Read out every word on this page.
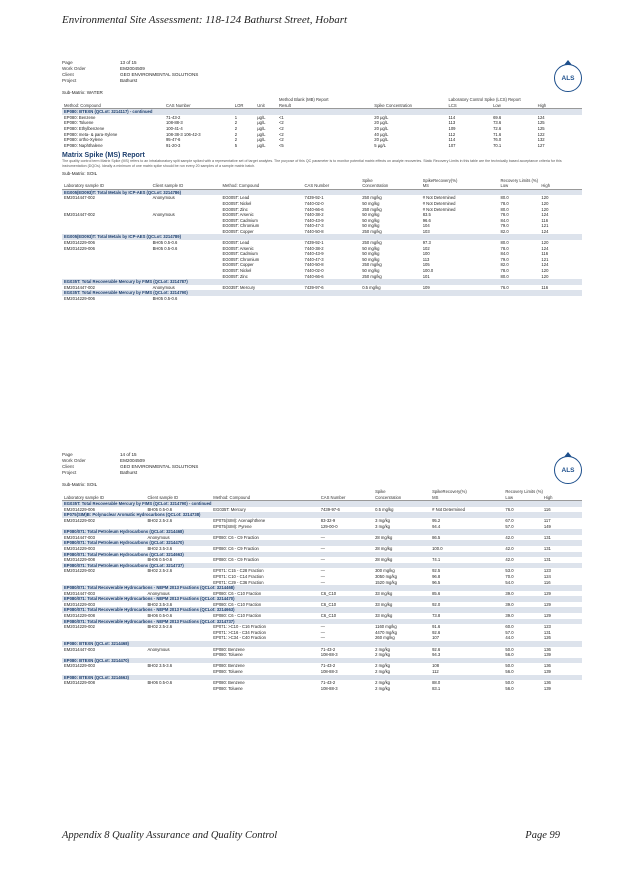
Environmental Site Assessment: 118-124 Bathurst Street, Hobart
Page	13 of 15
Work Order	EM2004509
Client	GEO ENVIRONMENTAL SOLUTIONS
Project	Bathurst	ALS
Sub-Matrix: WATER
				Method Blank (MB) Report		Laboratory Control Spike (LCS) Report		
Method: Compound	CAS Number	LOR	Unit	Result	Spike Concentration	LCS	Low	High
EP080: BTEXN (QCLot: 3214117) - continued								
EP080: Benzene	71-43-2	1	µg/L	<1	20 µg/L	114	69.6	124
EP080: Toluene	108-88-3	2	µg/L	<2	20 µg/L	113	73.6	125
EP080: Ethylbenzene	100-41-4	2	µg/L	<2	20 µg/L	109	72.6	125
EP080: meta- & para-Xylene	108-38-3 106-42-3	2	µg/L	<2	40 µg/L	112	71.6	122
EP080: ortho-Xylene	95-47-6	2	µg/L	<2	20 µg/L	114	76.0	132
EP080: Naphthalene	91-20-3	5	µg/L	<5	5 µg/L	107	70.1	127
Matrix Spike (MS) Report
The quality control term Matrix Spike (MS) refers to an intralaboratory split sample spiked with a representative set of target analytes. The purpose of this QC parameter is to monitor potential matrix effects on analyte recoveries. Static Recovery Limits in this table are the technically based acceptance criteria for this instrumentation (DQOs). Ideally a minimum of one matrix spike should be run every 20 samples of a sample matrix batch.
Sub-Matrix: SOIL
				Spike	SpikeRecovery(%)	Recovery Limits (%)	
Laboratory sample ID	Client sample ID	Method: Compound	CAS Number	Concentration	MS	Low	High
EG005(ED093)T: Total Metals by ICP-AES (QCLot: 3214786)							
EM2014447-002	Anonymous	EG005T: Lead	7439-92-1	250 mg/kg	# Not Determined	80.0	120
		EG005T: Nickel	7440-02-0	50 mg/kg	# Not Determined	78.0	120
		EG005T: Zinc	7440-66-6	250 mg/kg	# Not Determined	80.0	120
EM2014447-002	Anonymous	EG005T: Arsenic	7440-38-2	50 mg/kg	83.5	78.0	124
		EG005T: Cadmium	7440-43-9	50 mg/kg	96.6	84.0	116
		EG005T: Chromium	7440-47-3	50 mg/kg	104	79.0	121
		EG005T: Copper	7440-50-8	250 mg/kg	103	82.0	124
EG005(ED093)T: Total Metals by ICP-AES (QCLot: 3214789)							
EM2014229-006	BH05 0.5-0.6	EG005T: Lead	7439-92-1	250 mg/kg	97.3	80.0	120
EM2014229-006	BH05 0.5-0.6	EG005T: Arsenic	7440-38-2	50 mg/kg	102	78.0	124
		EG005T: Cadmium	7440-43-9	50 mg/kg	100	84.0	116
		EG005T: Chromium	7440-47-3	50 mg/kg	113	79.0	121
		EG005T: Copper	7440-50-8	250 mg/kg	105	82.0	124
		EG005T: Nickel	7440-02-0	50 mg/kg	100.0	78.0	120
		EG005T: Zinc	7440-66-6	250 mg/kg	101	80.0	120
EG035T: Total Recoverable Mercury by FIMS (QCLot: 3214787)							
EM2014447-002	Anonymous	EG035T: Mercury	7439-97-6	0.5 mg/kg	109	76.0	116
EG035T: Total Recoverable Mercury by FIMS (QCLot: 3214790)							
EM2014229-006	BH05 0.5-0.6						
Page	14 of 15
Work Order	EM2004509
Client	GEO ENVIRONMENTAL SOLUTIONS
Project	Bathurst	ALS
Sub-Matrix: SOIL
				Spike	SpikeRecovery(%)	Recovery Limits (%)	
Laboratory sample ID	Client sample ID	Method: Compound	CAS Number	Concentration	MS	Low	High
EG035T: Total Recoverable Mercury by FIMS (QCLot: 3214790) - continued							
EM2014229-006	BH05 0.5-0.6	EG035T: Mercury	7439-97-6	0.5 mg/kg	# Not Determined	76.0	116
EP075(SIM)B: Polynuclear Aromatic Hydrocarbons (QCLot: 3214738)							
EM2014229-002	BH02 2.5-2.6	EP075(SIM): Acenaphthene	83-32-9	3 mg/kg	95.2	67.0	117
		EP075(SIM): Pyrene	129-00-0	3 mg/kg	94.4	57.0	149
EP080/071: Total Petroleum Hydrocarbons (QCLot: 3214468)							
EM2014447-003	Anonymous	EP080: C6 - C9 Fraction	—	28 mg/kg	86.5	42.0	131
EP080/071: Total Petroleum Hydrocarbons (QCLot: 3214470)							
EM2014229-003	BH02 3.5-3.6	EP080: C6 - C9 Fraction	—	28 mg/kg	100.0	42.0	131
EP080/071: Total Petroleum Hydrocarbons (QCLot: 3214663)							
EM2014229-008	BH06 0.5-0.6	EP080: C6 - C9 Fraction	—	28 mg/kg	74.1	42.0	131
EP080/071: Total Petroleum Hydrocarbons (QCLot: 3214737)							
EM2014229-002	BH02 2.5-2.6	EP071: C15 - C28 Fraction	—	300 mg/kg	92.5	53.0	123
		EP071: C10 - C14 Fraction	—	3050 mg/kg	96.8	70.0	124
		EP071: C29 - C36 Fraction	—	1520 mg/kg	96.5	54.0	116
EP080/071: Total Recoverable Hydrocarbons - NEPM 2013 Fractions (QCLot: 3214468)							
EM2014447-003	Anonymous	EP080: C6 - C10 Fraction	C6_C10	33 mg/kg	85.6	39.0	129
EP080/071: Total Recoverable Hydrocarbons - NEPM 2013 Fractions (QCLot: 3214470)							
EM2014229-003	BH02 3.5-3.6	EP080: C6 - C10 Fraction	C6_C10	33 mg/kg	92.0	39.0	129
EP080/071: Total Recoverable Hydrocarbons - NEPM 2013 Fractions (QCLot: 3214663)							
EM2014229-008	BH06 0.5-0.6	EP080: C6 - C10 Fraction	C6_C10	33 mg/kg	73.8	39.0	129
EP080/071: Total Recoverable Hydrocarbons - NEPM 2013 Fractions (QCLot: 3214737)							
EM2014229-002	BH02 2.5-2.6	EP071: >C10 - C16 Fraction	—	1160 mg/kg	91.6	60.0	123
		EP071: >C16 - C34 Fraction	—	4470 mg/kg	92.6	57.0	131
		EP071: >C34 - C40 Fraction	—	260 mg/kg	107	44.0	126
EP080: BTEXN (QCLot: 3214468)							
EM2014447-003	Anonymous	EP080: Benzene	71-43-2	2 mg/kg	92.6	50.0	136
		EP080: Toluene	108-88-3	2 mg/kg	94.3	56.0	139
EP080: BTEXN (QCLot: 3214470)							
EM2014229-003	BH02 3.5-3.6	EP080: Benzene	71-43-2	2 mg/kg	108	50.0	136
		EP080: Toluene	108-88-3	2 mg/kg	112	56.0	139
EP080: BTEXN (QCLot: 3214663)							
EM2014229-008	BH06 0.5-0.6	EP080: Benzene	71-43-2	2 mg/kg	88.0	50.0	136
		EP080: Toluene	108-88-3	2 mg/kg	83.1	56.0	139
Appendix 8 Quality Assurance and Quality Control	Page 99
